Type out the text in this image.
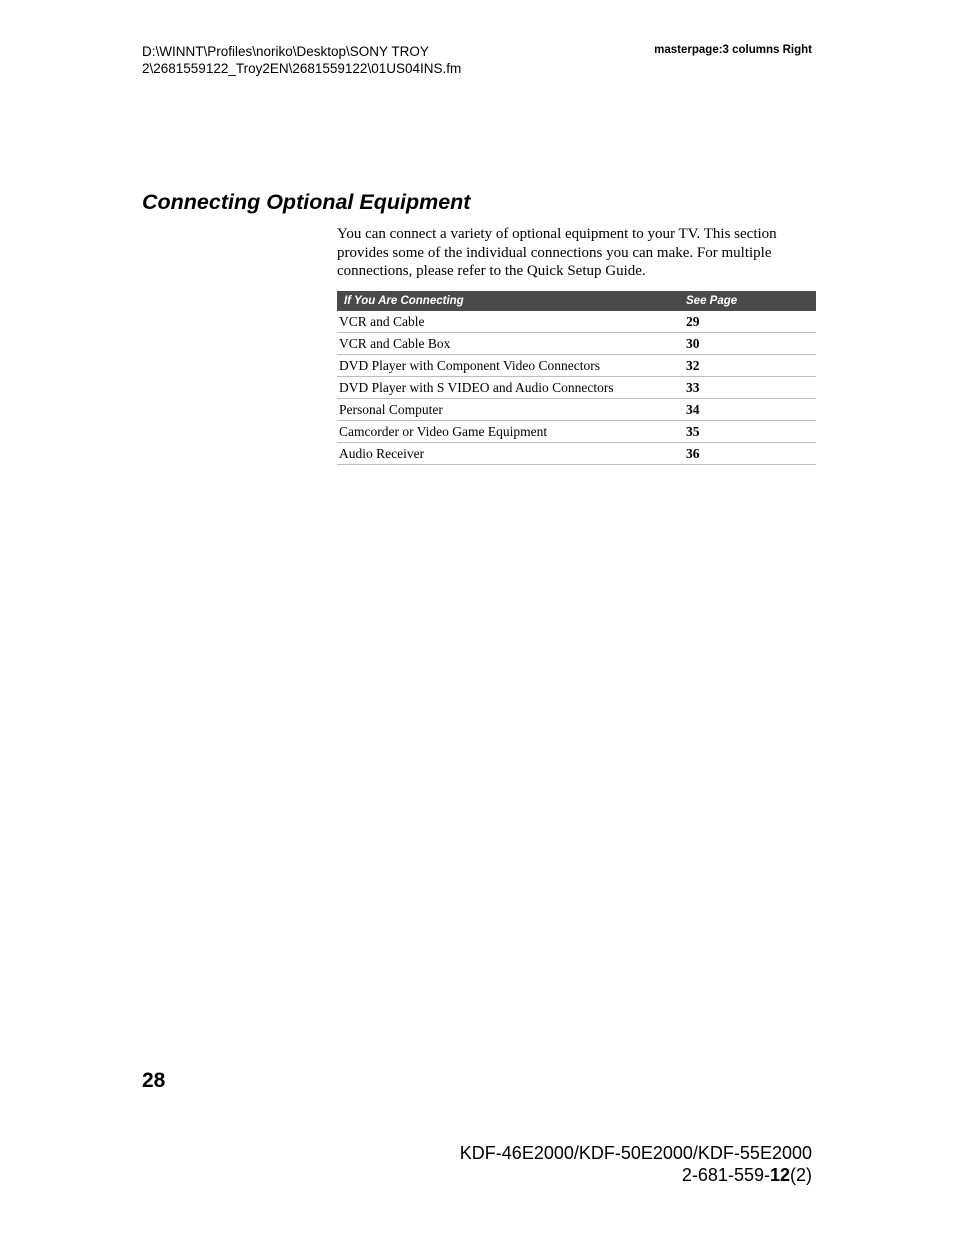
D:\WINNT\Profiles\noriko\Desktop\SONY TROY
2\2681559122_Troy2EN\2681559122\01US04INS.fm
masterpage:3 columns Right
Connecting Optional Equipment

You can connect a variety of optional equipment to your TV. This section provides some of the individual connections you can make. For multiple connections, please refer to the Quick Setup Guide.

If You Are Connecting	See Page
VCR and Cable	29
VCR and Cable Box	30
DVD Player with Component Video Connectors	32
DVD Player with S VIDEO and Audio Connectors	33
Personal Computer	34
Camcorder or Video Game Equipment	35
Audio Receiver	36
28
KDF-46E2000/KDF-50E2000/KDF-55E2000
2-681-559-12(2)
